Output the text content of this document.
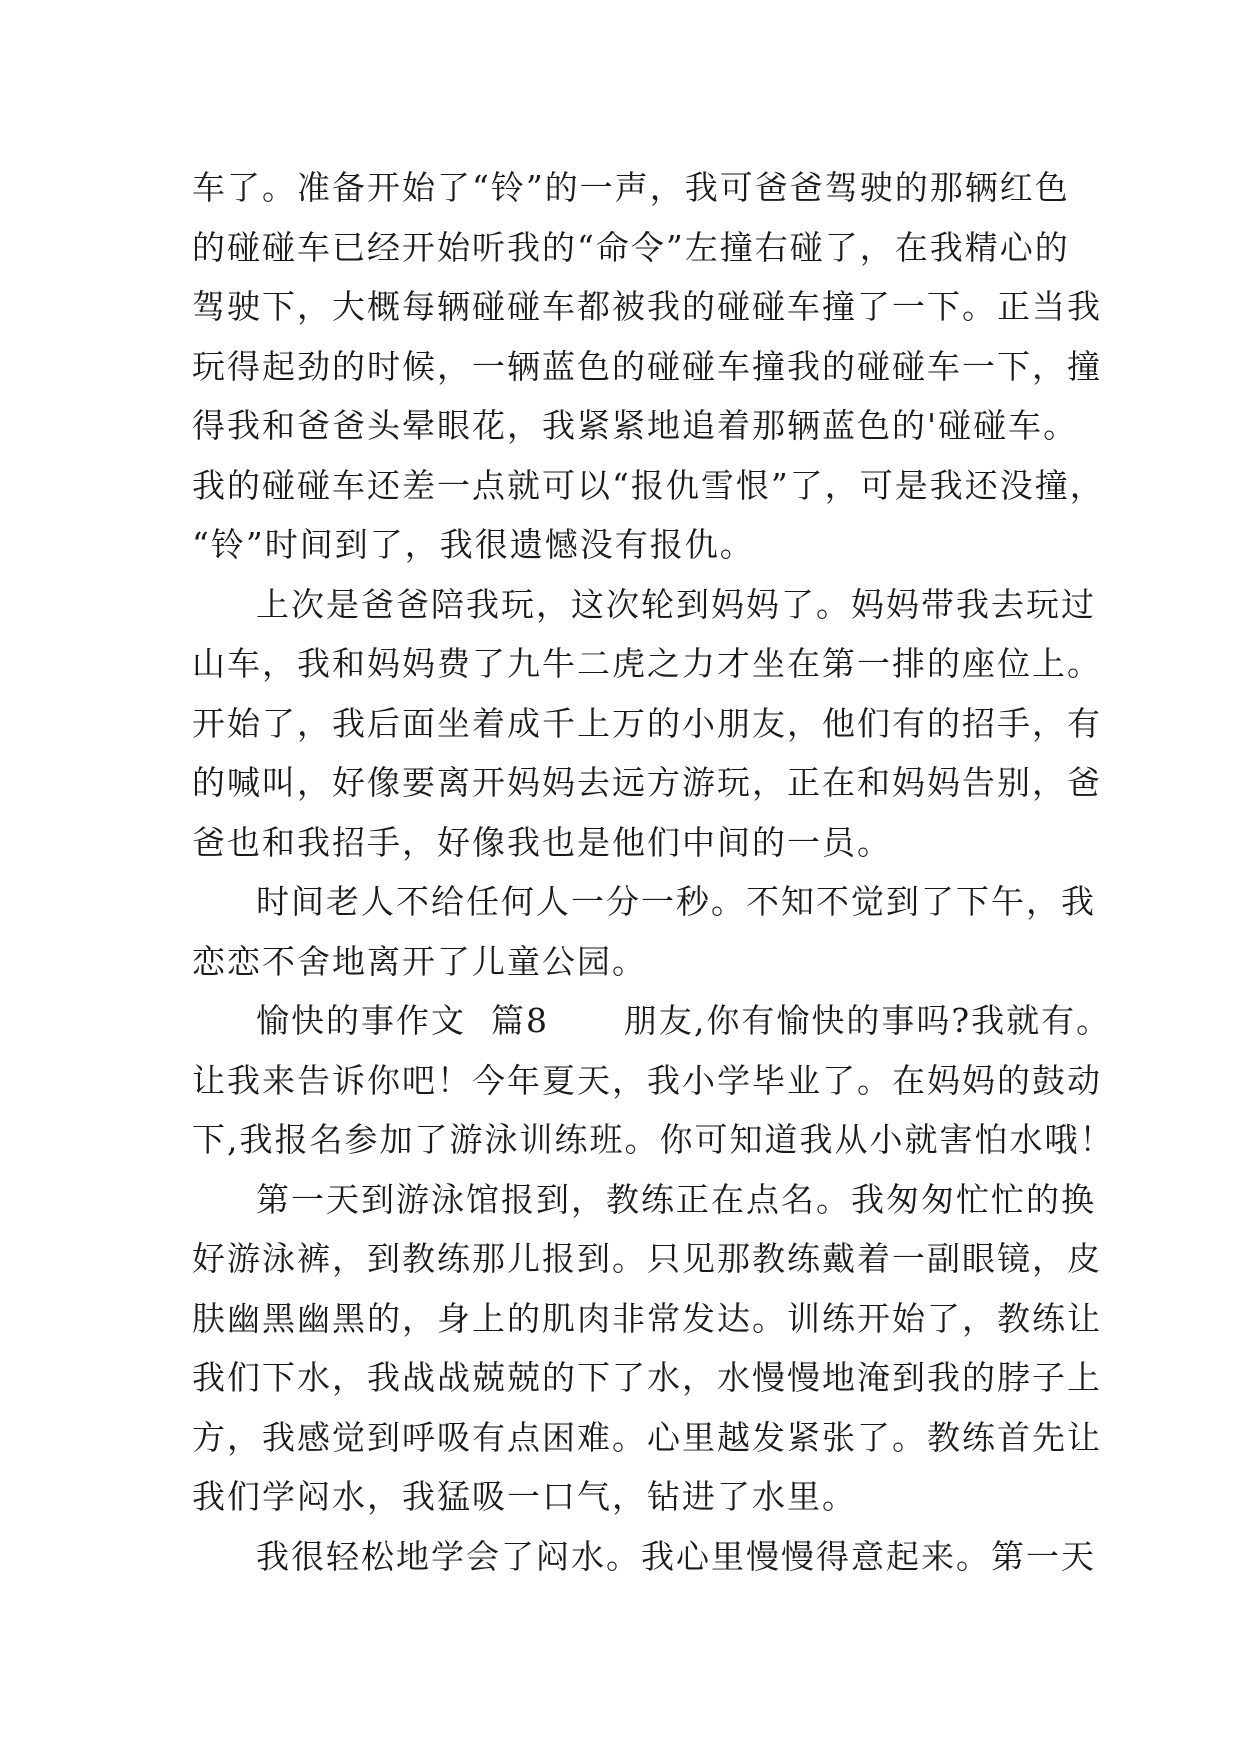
车了。准备开始了“铃”的一声，我可爸爸驾驶的那辆红色
的碰碰车已经开始听我的“命令”左撞右碰了，在我精心的
驾驶下，大概每辆碰碰车都被我的碰碰车撞了一下。正当我
玩得起劲的时候，一辆蓝色的碰碰车撞我的碰碰车一下，撞
得我和爸爸头晕眼花，我紧紧地追着那辆蓝色的'碰碰车。
我的碰碰车还差一点就可以“报仇雪恨”了，可是我还没撞，
“铃”时间到了，我很遗憾没有报仇。
上次是爸爸陪我玩，这次轮到妈妈了。妈妈带我去玩过
山车，我和妈妈费了九牛二虎之力才坐在第一排的座位上。
开始了，我后面坐着成千上万的小朋友，他们有的招手，有
的喊叫，好像要离开妈妈去远方游玩，正在和妈妈告别，爸
爸也和我招手，好像我也是他们中间的一员。
时间老人不给任何人一分一秒。不知不觉到了下午，我
恋恋不舍地离开了儿童公园。
愉快的事作文  篇8      朋友,你有愉快的事吗?我就有。
让我来告诉你吧！今年夏天，我小学毕业了。在妈妈的鼓动
下,我报名参加了游泳训练班。你可知道我从小就害怕水哦！
第一天到游泳馆报到，教练正在点名。我匆匆忙忙的换
好游泳裤，到教练那儿报到。只见那教练戴着一副眼镜，皮
肤幽黑幽黑的，身上的肌肉非常发达。训练开始了，教练让
我们下水，我战战兢兢的下了水，水慢慢地淹到我的脖子上
方，我感觉到呼吸有点困难。心里越发紧张了。教练首先让
我们学闷水，我猛吸一口气，钻进了水里。
我很轻松地学会了闷水。我心里慢慢得意起来。第一天
